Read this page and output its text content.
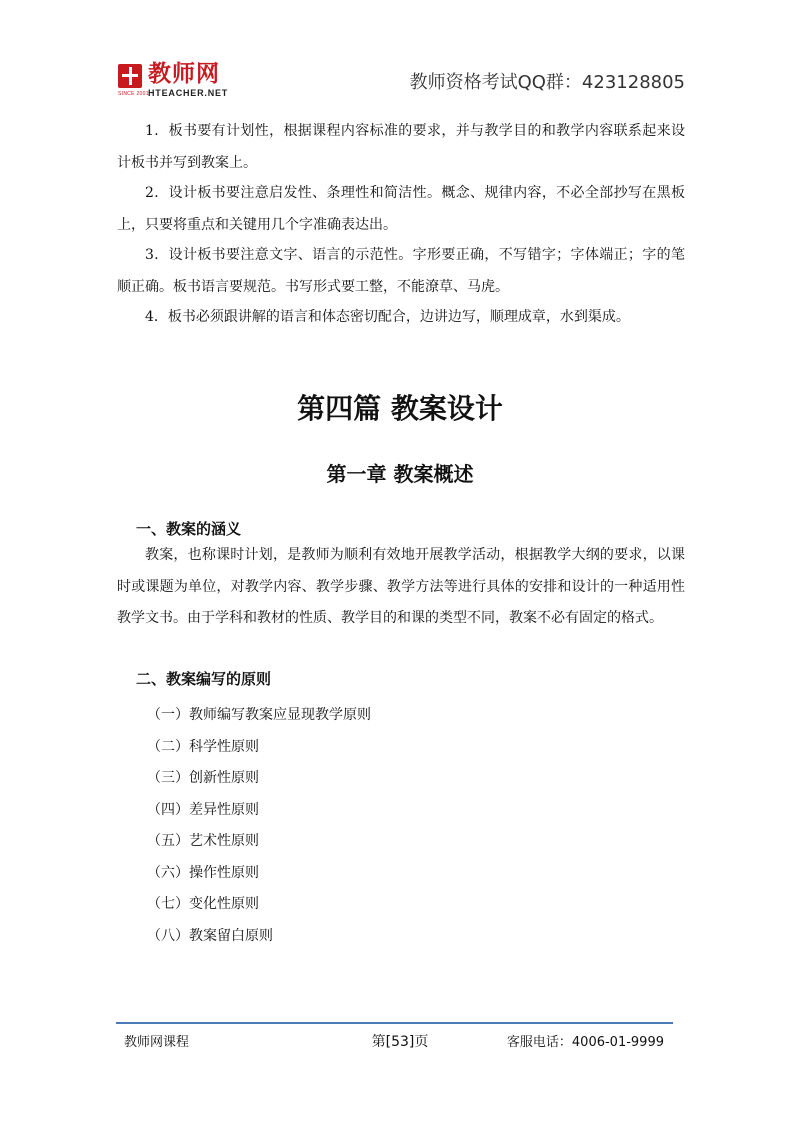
教师网
HTEACHER.NET
SINCE 2001
教师资格考试QQ群：423128805

1．板书要有计划性，根据课程内容标准的要求，并与教学目的和教学内容联系起来设计板书并写到教案上。

2．设计板书要注意启发性、条理性和简洁性。概念、规律内容，不必全部抄写在黑板上，只要将重点和关键用几个字准确表达出。

3．设计板书要注意文字、语言的示范性。字形要正确，不写错字；字体端正；字的笔顺正确。板书语言要规范。书写形式要工整，不能潦草、马虎。

4．板书必须跟讲解的语言和体态密切配合，边讲边写，顺理成章，水到渠成。

第四篇 教案设计
第一章 教案概述
一、教案的涵义

教案，也称课时计划，是教师为顺利有效地开展教学活动，根据教学大纲的要求，以课时或课题为单位，对教学内容、教学步骤、教学方法等进行具体的安排和设计的一种适用性教学文书。由于学科和教材的性质、教学目的和课的类型不同，教案不必有固定的格式。

二、教案编写的原则
（一）教师编写教案应显现教学原则
（二）科学性原则
（三）创新性原则
（四）差异性原则
（五）艺术性原则
（六）操作性原则
（七）变化性原则
（八）教案留白原则
教师网课程	第[53]页	客服电话：4006-01-9999
